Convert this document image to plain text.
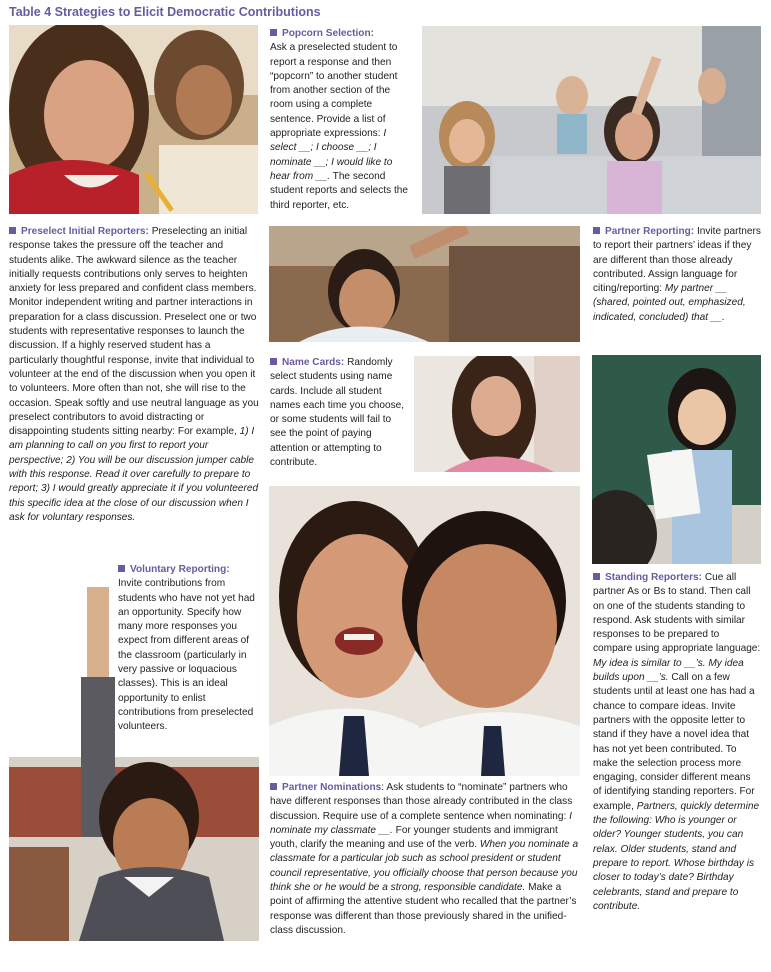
Table 4 Strategies to Elicit Democratic Contributions

Preselect Initial Reporters: Preselecting an initial response takes the pressure off the teacher and students alike. The awkward silence as the teacher initially requests contributions only serves to heighten anxiety for less prepared and confident class members. Monitor independent writing and partner interactions in preparation for a class discussion. Preselect one or two students with representative responses to launch the discussion. If a highly reserved student has a particularly thoughtful response, invite that individual to volunteer at the end of the discussion when you open it to volunteers. More often than not, she will rise to the occasion. Speak softly and use neutral language as you preselect contributors to avoid distracting or disappointing students sitting nearby: For example, 1) I am planning to call on you first to report your perspective; 2) You will be our discussion jumper cable with this response. Read it over carefully to prepare to report; 3) I would greatly appreciate it if you volunteered this specific idea at the close of our discussion when I ask for voluntary responses.

Popcorn Selection:
Ask a preselected student to report a response and then “popcorn” to another student from another section of the room using a complete sentence. Provide a list of appropriate expressions: I select __; I choose __; I nominate __; I would like to hear from __. The second student reports and selects the third reporter, etc.

Partner Reporting: Invite partners to report their partners’ ideas if they are different than those already contributed. Assign language for citing/reporting: My partner __ (shared, pointed out, emphasized, indicated, concluded) that __.

Name Cards: Randomly select students using name cards. Include all student names each time you choose, or some students will fail to see the point of paying attention or attempting to contribute.

Voluntary Reporting:
Invite contributions from students who have not yet had an opportunity. Specify how many more responses you expect from different areas of the classroom (particularly in very passive or loquacious classes). This is an ideal opportunity to enlist contributions from preselected volunteers.

Standing Reporters: Cue all partner As or Bs to stand. Then call on one of the students standing to respond. Ask students with similar responses to be prepared to compare using appropriate language: My idea is similar to __’s. My idea builds upon __’s. Call on a few students until at least one has had a chance to compare ideas. Invite partners with the opposite letter to stand if they have a novel idea that has not yet been contributed. To make the selection process more engaging, consider different means of identifying standing reporters. For example, Partners, quickly determine the following: Who is younger or older? Younger students, you can relax. Older students, stand and prepare to report. Whose birthday is closer to today’s date? Birthday celebrants, stand and prepare to contribute.

Partner Nominations: Ask students to “nominate” partners who have different responses than those already contributed in the class discussion. Require use of a complete sentence when nominating: I nominate my classmate __. For younger students and immigrant youth, clarify the meaning and use of the verb. When you nominate a classmate for a particular job such as school president or student council representative, you officially choose that person because you think she or he would be a strong, responsible candidate. Make a point of affirming the attentive student who recalled that the partner’s response was different than those previously shared in the unified-class discussion.
